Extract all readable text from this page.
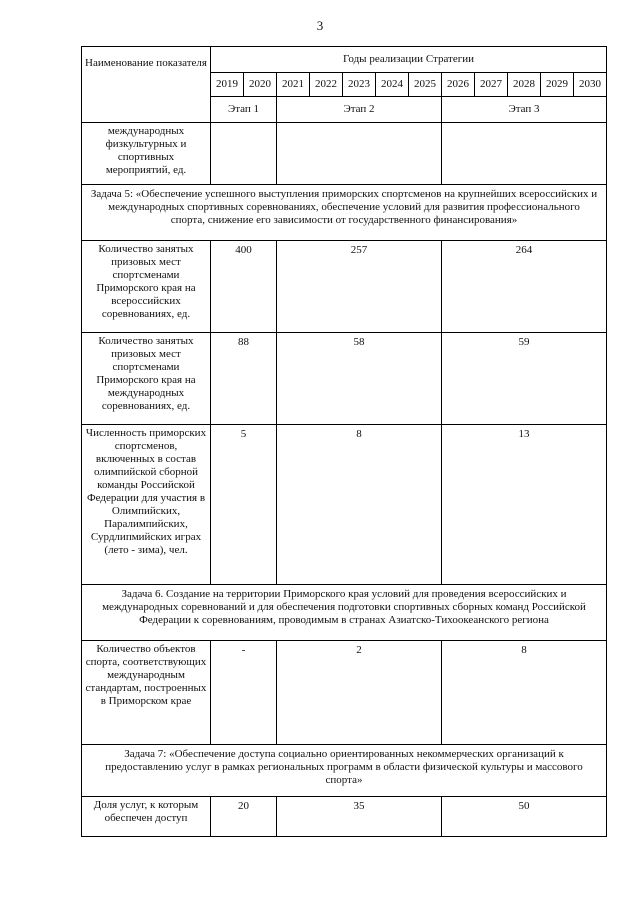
3
Наименование показателя	Годы реализации Стратегии											
	2019	2020	2021	2022	2023	2024	2025	2026	2027	2028	2029	2030
	Этап 1		Этап 2					Этап 3				
международных физкультурных и спортивных мероприятий, ед.												
Задача 5: «Обеспечение успешного выступления приморских спортсменов на крупнейших всероссийских и международных спортивных соревнованиях, обеспечение условий для развития профессионального спорта, снижение его зависимости от государственного финансирования»												
Количество занятых призовых мест спортсменами Приморского края на всероссийских соревнованиях, ед.	400		257					264				
Количество занятых призовых мест спортсменами Приморского края на международных соревнованиях, ед.	88		58					59				
Численность приморских спортсменов, включенных в состав олимпийской сборной команды Российской Федерации для участия в Олимпийских, Паралимпийских, Сурдлипмийских играх (лето - зима), чел.	5		8					13				
Задача 6. Создание на территории Приморского края условий для проведения всероссийских и международных соревнований и для обеспечения подготовки спортивных сборных команд Российской Федерации к соревнованиям, проводимым в странах Азиатско-Тихоокеанского региона												
Количество объектов спорта, соответствующих международным стандартам, построенных в Приморском крае	-		2					8				
Задача 7: «Обеспечение доступа социально ориентированных некоммерческих организаций к предоставлению услуг в рамках региональных программ в области физической культуры и массового спорта»												
Доля услуг, к которым обеспечен доступ	20		35					50				
